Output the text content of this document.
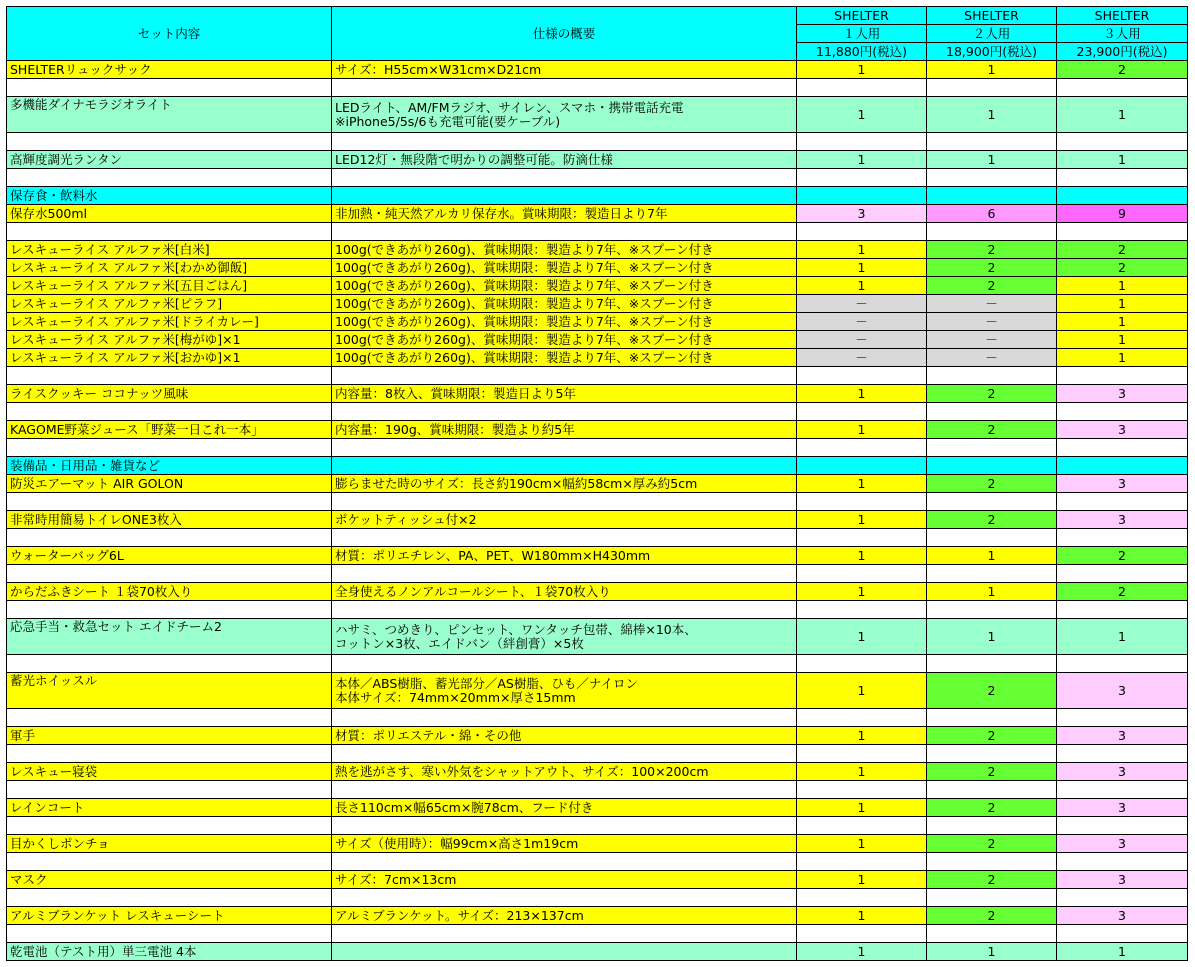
セット内容	仕様の概要	SHELTER	SHELTER	SHELTER
		１人用	２人用	３人用
		11,880円(税込)	18,900円(税込)	23,900円(税込)
SHELTERリュックサック	サイズ：H55cm×W31cm×D21cm	1	1	2

多機能ダイナモラジオライト	LEDライト、AM/FMラジオ、サイレン、スマホ・携帯電話充電
※iPhone5/5s/6も充電可能(要ケーブル)	1	1	1

高輝度調光ランタン	LED12灯・無段階で明かりの調整可能。防滴仕様	1	1	1

保存食・飲料水				
保存水500ml	非加熱・純天然アルカリ保存水。賞味期限：製造日より7年	3	6	9

レスキューライス アルファ米[白米]	100g(できあがり260g)、賞味期限：製造より7年、※スプーン付き	1	2	2
レスキューライス アルファ米[わかめ御飯]	100g(できあがり260g)、賞味期限：製造より7年、※スプーン付き	1	2	2
レスキューライス アルファ米[五目ごはん]	100g(できあがり260g)、賞味期限：製造より7年、※スプーン付き	1	2	1
レスキューライス アルファ米[ピラフ]	100g(できあがり260g)、賞味期限：製造より7年、※スプーン付き	－	－	1
レスキューライス アルファ米[ドライカレー]	100g(できあがり260g)、賞味期限：製造より7年、※スプーン付き	－	－	1
レスキューライス アルファ米[梅がゆ]×1	100g(できあがり260g)、賞味期限：製造より7年、※スプーン付き	－	－	1
レスキューライス アルファ米[おかゆ]×1	100g(できあがり260g)、賞味期限：製造より7年、※スプーン付き	－	－	1

ライスクッキー ココナッツ風味	内容量：8枚入、賞味期限：製造日より5年	1	2	3

KAGOME野菜ジュース「野菜一日これ一本」	内容量：190g、賞味期限：製造より約5年	1	2	3

装備品・日用品・雑貨など				
防災エアーマット AIR GOLON	膨らませた時のサイズ：長さ約190cm×幅約58cm×厚み約5cm	1	2	3

非常時用簡易トイレONE3枚入	ポケットティッシュ付×2	1	2	3

ウォーターバッグ6L	材質：ポリエチレン、PA、PET、W180mm×H430mm	1	1	2

からだふきシート １袋70枚入り	全身使えるノンアルコールシート、１袋70枚入り	1	1	2

応急手当・救急セット エイドチーム2	ハサミ、つめきり、ピンセット、ワンタッチ包帯、綿棒×10本、
コットン×3枚、エイドバン（絆創膏）×5枚	1	1	1

蓄光ホイッスル	本体／ABS樹脂、蓄光部分／AS樹脂、ひも／ナイロン
本体サイズ：74mm×20mm×厚さ15mm	1	2	3

軍手	材質：ポリエステル・綿・その他	1	2	3

レスキュー寝袋	熱を逃がさす、寒い外気をシャットアウト、サイズ：100×200cm	1	2	3

レインコート	長さ110cm×幅65cm×腕78cm、フード付き	1	2	3

目かくしポンチョ	サイズ（使用時）：幅99cm×高さ1m19cm	1	2	3

マスク	サイズ：7cm×13cm	1	2	3

アルミブランケット レスキューシート	アルミブランケット。サイズ：213×137cm	1	2	3

乾電池（テスト用）単三電池 4本		1	1	1
